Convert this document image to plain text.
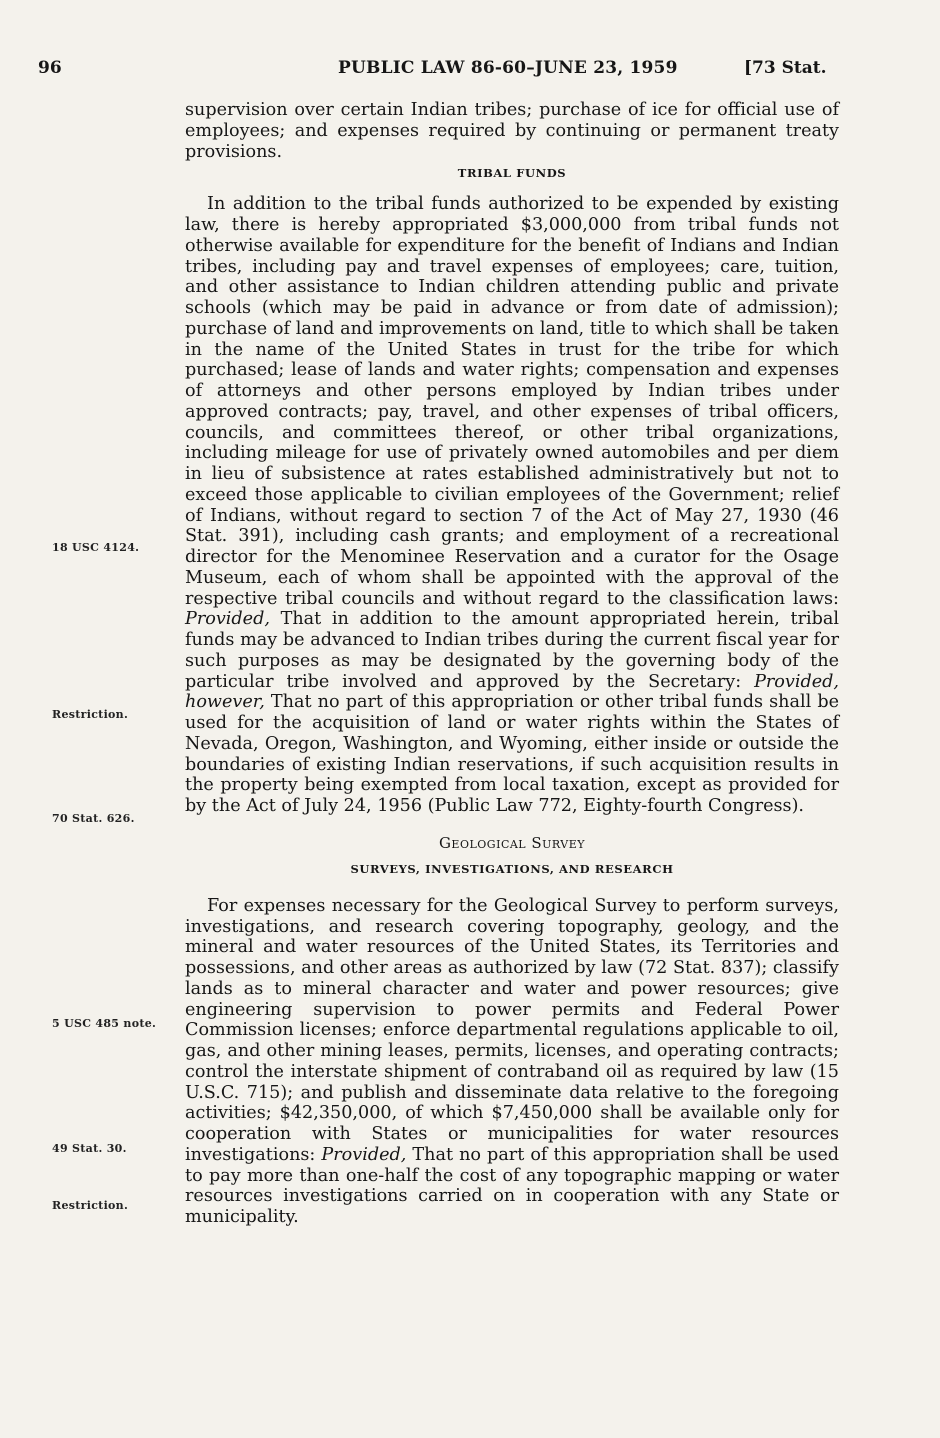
96	PUBLIC LAW 86-60–JUNE 23, 1959	[73 Stat.

supervision over certain Indian tribes; purchase of ice for official use of employees; and expenses required by continuing or permanent treaty provisions.

TRIBAL FUNDS

In addition to the tribal funds authorized to be expended by existing law, there is hereby appropriated $3,000,000 from tribal funds not otherwise available for expenditure for the benefit of Indians and Indian tribes, including pay and travel expenses of employees; care, tuition, and other assistance to Indian children attending public and private schools (which may be paid in advance or from date of admission); purchase of land and improvements on land, title to which shall be taken in the name of the United States in trust for the tribe for which purchased; lease of lands and water rights; compensation and expenses of attorneys and other persons employed by Indian tribes under approved contracts; pay, travel, and other expenses of tribal officers, councils, and committees thereof, or other tribal organizations, including mileage for use of privately owned automobiles and per diem in lieu of subsistence at rates established administratively but not to exceed those applicable to civilian employees of the Government; relief of Indians, without regard to section 7 of the Act of May 27, 1930 (46 Stat. 391), including cash grants; and employment of a recreational director for the Menominee Reservation and a curator for the Osage Museum, each of whom shall be appointed with the approval of the respective tribal councils and without regard to the classification laws: Provided, That in addition to the amount appropriated herein, tribal funds may be advanced to Indian tribes during the current fiscal year for such purposes as may be designated by the governing body of the particular tribe involved and approved by the Secretary: Provided, however, That no part of this appropriation or other tribal funds shall be used for the acquisition of land or water rights within the States of Nevada, Oregon, Washington, and Wyoming, either inside or outside the boundaries of existing Indian reservations, if such acquisition results in the property being exempted from local taxation, except as provided for by the Act of July 24, 1956 (Public Law 772, Eighty-fourth Congress).

Geological Survey

SURVEYS, INVESTIGATIONS, AND RESEARCH

For expenses necessary for the Geological Survey to perform surveys, investigations, and research covering topography, geology, and the mineral and water resources of the United States, its Territories and possessions, and other areas as authorized by law (72 Stat. 837); classify lands as to mineral character and water and power resources; give engineering supervision to power permits and Federal Power Commission licenses; enforce departmental regulations applicable to oil, gas, and other mining leases, permits, licenses, and operating contracts; control the interstate shipment of contraband oil as required by law (15 U.S.C. 715); and publish and disseminate data relative to the foregoing activities; $42,350,000, of which $7,450,000 shall be available only for cooperation with States or municipalities for water resources investigations: Provided, That no part of this appropriation shall be used to pay more than one-half the cost of any topographic mapping or water resources investigations carried on in cooperation with any State or municipality.

18 USC 4124.
Restriction.
70 Stat. 626.
5 USC 485 note.
49 Stat. 30.
Restriction.
